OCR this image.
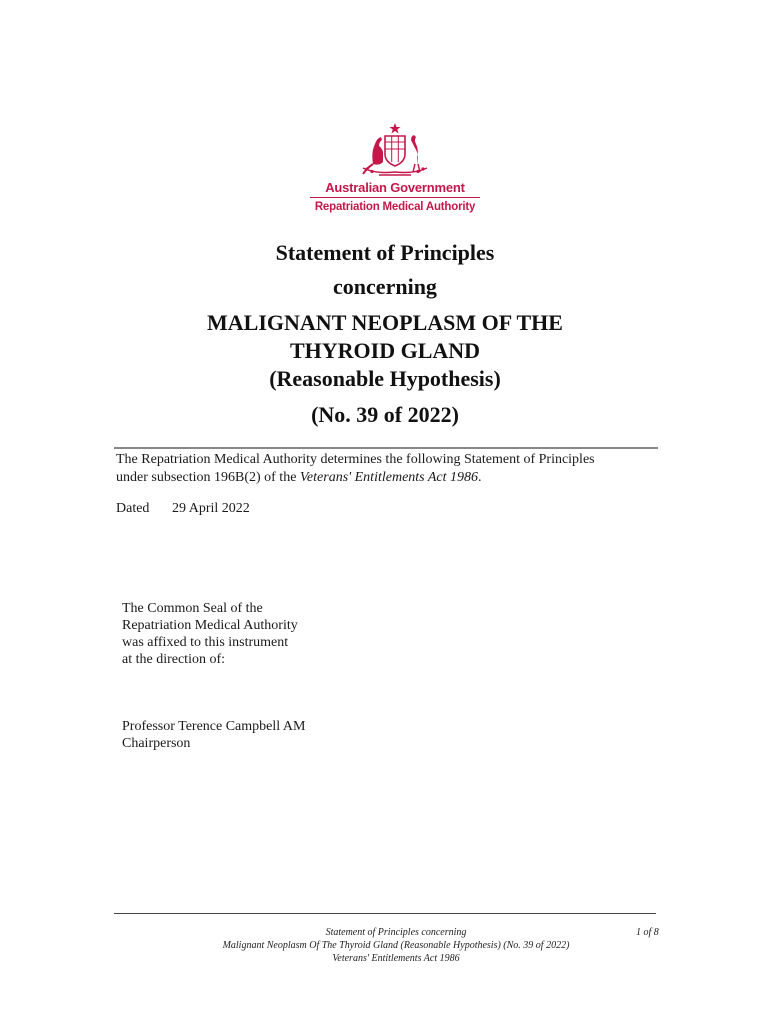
Australian Government
Repatriation Medical Authority
Statement of Principles
concerning
MALIGNANT NEOPLASM OF THE
THYROID GLAND
(Reasonable Hypothesis)
(No. 39 of 2022)
The Repatriation Medical Authority determines the following Statement of Principles
under subsection 196B(2) of the Veterans' Entitlements Act 1986.
Dated 29 April 2022
The Common Seal of the
Repatriation Medical Authority
was affixed to this instrument
at the direction of:
Professor Terence Campbell AM
Chairperson
Statement of Principles concerning
Malignant Neoplasm Of The Thyroid Gland (Reasonable Hypothesis) (No. 39 of 2022)
Veterans' Entitlements Act 1986
1 of 8
